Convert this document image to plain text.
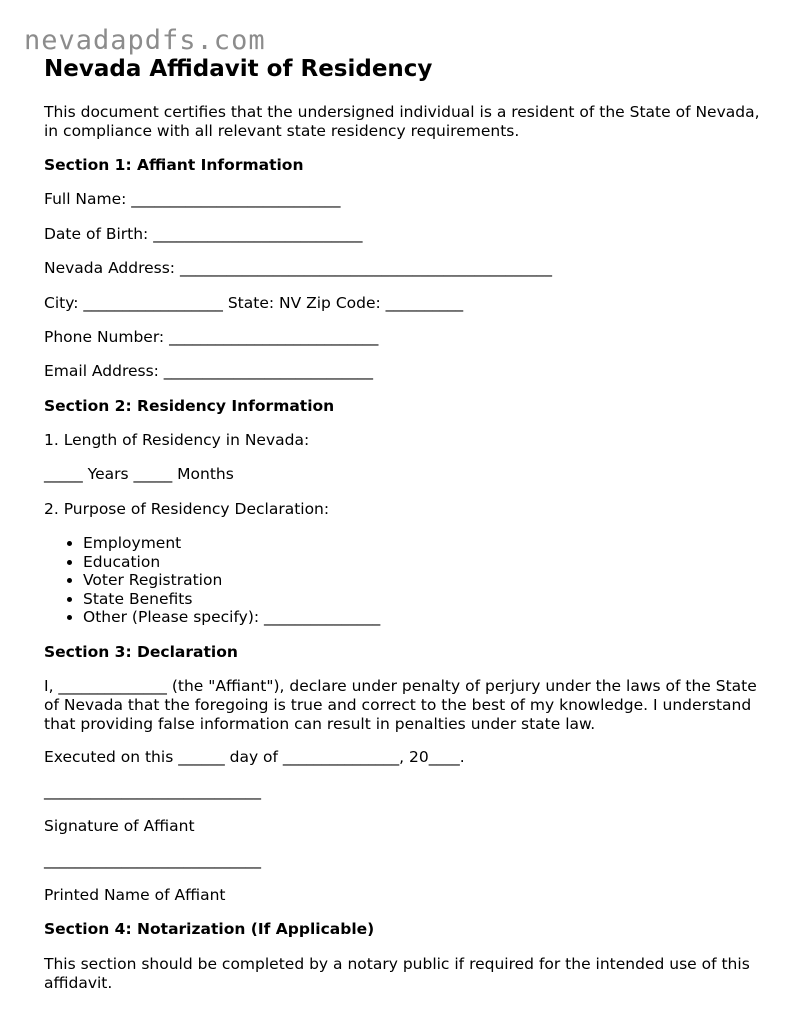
nevadapdfs.com
Nevada Affidavit of Residency

This document certifies that the undersigned individual is a resident of the State of Nevada, in compliance with all relevant state residency requirements.

Section 1: Affiant Information

Full Name: ___________________________

Date of Birth: ___________________________

Nevada Address: ________________________________________________

City: __________________ State: NV Zip Code: __________

Phone Number: ___________________________

Email Address: ___________________________

Section 2: Residency Information

1. Length of Residency in Nevada:

_____ Years _____ Months

2. Purpose of Residency Declaration:

• Employment
• Education
• Voter Registration
• State Benefits
• Other (Please specify): _______________

Section 3: Declaration

I, ______________ (the "Affiant"), declare under penalty of perjury under the laws of the State of Nevada that the foregoing is true and correct to the best of my knowledge. I understand that providing false information can result in penalties under state law.

Executed on this ______ day of _______________, 20____.

____________________________

Signature of Affiant

____________________________

Printed Name of Affiant

Section 4: Notarization (If Applicable)

This section should be completed by a notary public if required for the intended use of this affidavit.
